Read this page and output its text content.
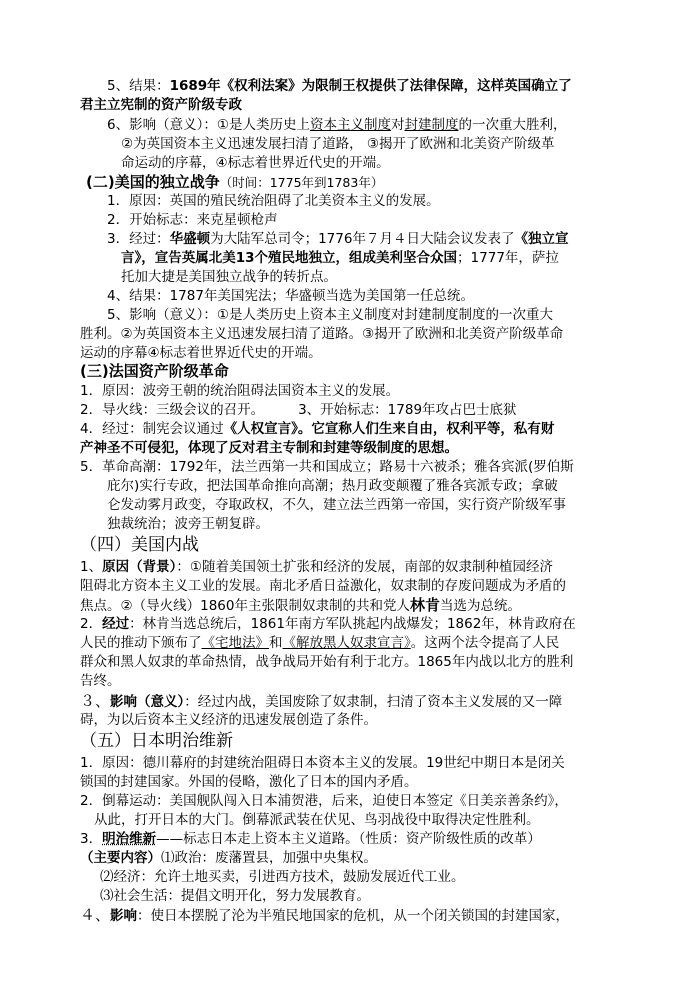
5、结果：1689年《权利法案》为限制王权提供了法律保障，这样英国确立了
君主立宪制的资产阶级专政
6、影响（意义）：①是人类历史上资本主义制度对封建制度的一次重大胜利，
②为英国资本主义迅速发展扫清了道路， ③揭开了欧洲和北美资产阶级革
命运动的序幕，④标志着世界近代史的开端。
(二)美国的独立战争（时间：1775年到1783年）
1．原因：英国的殖民统治阻碍了北美资本主义的发展。
2．开始标志：来克星顿枪声
3．经过：华盛顿为大陆军总司令；1776年７月４日大陆会议发表了《独立宣
言》，宣告英属北美13个殖民地独立，组成美利坚合众国；1777年，萨拉
托加大捷是美国独立战争的转折点。
4、结果：1787年美国宪法；华盛顿当选为美国第一任总统。
5、影响（意义）：①是人类历史上资本主义制度对封建制度制度的一次重大
胜利。②为英国资本主义迅速发展扫清了道路。③揭开了欧洲和北美资产阶级革命
运动的序幕④标志着世界近代史的开端。
(三)法国资产阶级革命
1．原因：波旁王朝的统治阻碍法国资本主义的发展。
2．导火线：三级会议的召开。	3、开始标志：1789年攻占巴士底狱
4．经过：制宪会议通过《人权宣言》。它宣称人们生来自由，权利平等，私有财
产神圣不可侵犯，体现了反对君主专制和封建等级制度的思想。
5．革命高潮：1792年，法兰西第一共和国成立；路易十六被杀；雅各宾派(罗伯斯
庇尔)实行专政，把法国革命推向高潮；热月政变颠覆了雅各宾派专政；拿破
仑发动雾月政变，夺取政权，不久，建立法兰西第一帝国，实行资产阶级军事
独裁统治；波旁王朝复辟。
（四）美国内战
1、原因（背景）：①随着美国领土扩张和经济的发展，南部的奴隶制种植园经济
阻碍北方资本主义工业的发展。南北矛盾日益激化，奴隶制的存废问题成为矛盾的
焦点。②（导火线）1860年主张限制奴隶制的共和党人林肯当选为总统。
2．经过：林肯当选总统后，1861年南方军队挑起内战爆发；1862年，林肯政府在
人民的推动下颁布了《宅地法》和《解放黑人奴隶宣言》。这两个法令提高了人民
群众和黑人奴隶的革命热情，战争战局开始有利于北方。1865年内战以北方的胜利
告终。
３、影响（意义）：经过内战，美国废除了奴隶制，扫清了资本主义发展的又一障
碍，为以后资本主义经济的迅速发展创造了条件。
（五）日本明治维新
1．原因：德川幕府的封建统治阻碍日本资本主义的发展。19世纪中期日本是闭关
锁国的封建国家。外国的侵略，激化了日本的国内矛盾。
2．倒幕运动：美国舰队闯入日本浦贺港，后来，迫使日本签定《日美亲善条约》，
从此，打开日本的大门。倒幕派武装在伏见、鸟羽战役中取得决定性胜利。
3．明治维新——标志日本走上资本主义道路。（性质：资产阶级性质的改革）
（主要内容）⑴政治：废藩置县，加强中央集权。
⑵经济：允许土地买卖，引进西方技术，鼓励发展近代工业。
⑶社会生活：提倡文明开化，努力发展教育。
４、影响：使日本摆脱了沦为半殖民地国家的危机，从一个闭关锁国的封建国家，
